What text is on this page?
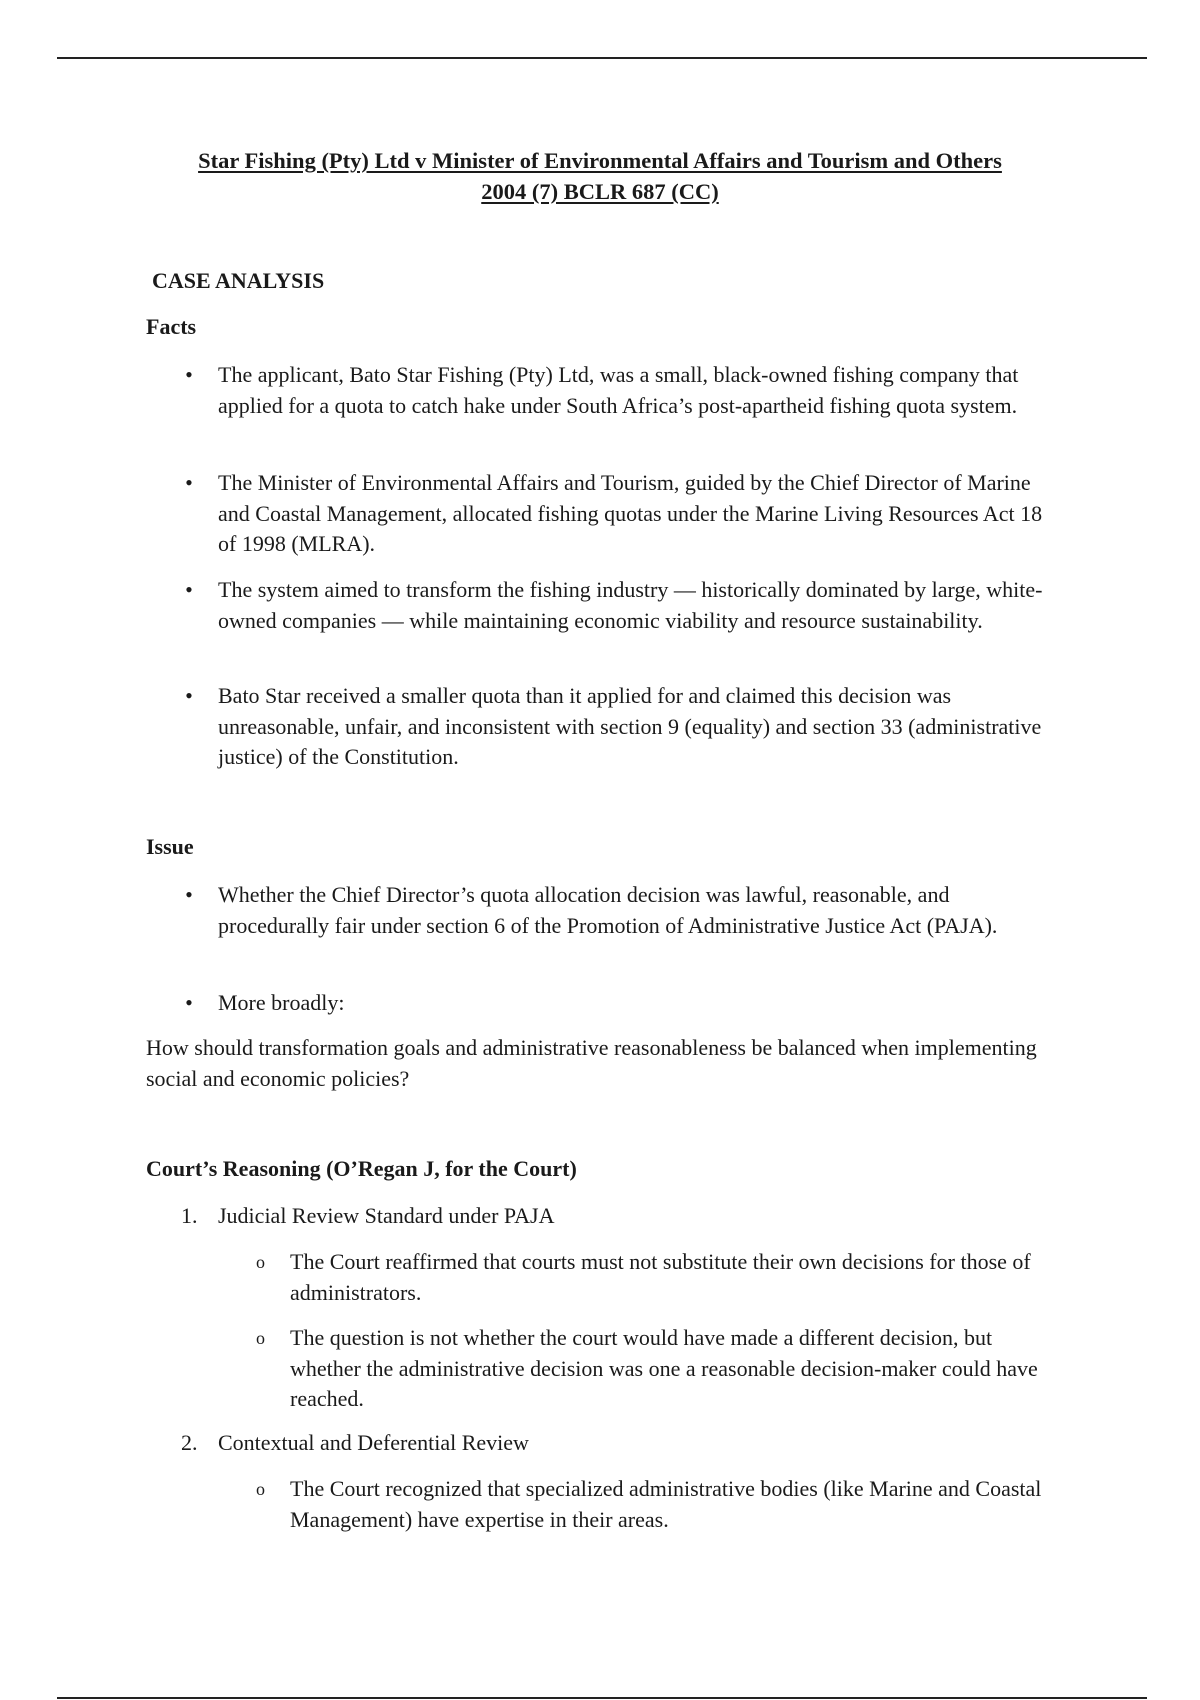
Star Fishing (Pty) Ltd v Minister of Environmental Affairs and Tourism and Others
2004 (7) BCLR 687 (CC)
CASE ANALYSIS
Facts
• The applicant, Bato Star Fishing (Pty) Ltd, was a small, black-owned fishing company that applied for a quota to catch hake under South Africa’s post-apartheid fishing quota system.
• The Minister of Environmental Affairs and Tourism, guided by the Chief Director of Marine and Coastal Management, allocated fishing quotas under the Marine Living Resources Act 18 of 1998 (MLRA).
• The system aimed to transform the fishing industry — historically dominated by large, white-owned companies — while maintaining economic viability and resource sustainability.
• Bato Star received a smaller quota than it applied for and claimed this decision was unreasonable, unfair, and inconsistent with section 9 (equality) and section 33 (administrative justice) of the Constitution.
Issue
• Whether the Chief Director’s quota allocation decision was lawful, reasonable, and procedurally fair under section 6 of the Promotion of Administrative Justice Act (PAJA).
• More broadly:
How should transformation goals and administrative reasonableness be balanced when implementing social and economic policies?
Court’s Reasoning (O’Regan J, for the Court)
1. Judicial Review Standard under PAJA
o The Court reaffirmed that courts must not substitute their own decisions for those of administrators.
o The question is not whether the court would have made a different decision, but whether the administrative decision was one a reasonable decision-maker could have reached.
2. Contextual and Deferential Review
o The Court recognized that specialized administrative bodies (like Marine and Coastal Management) have expertise in their areas.
